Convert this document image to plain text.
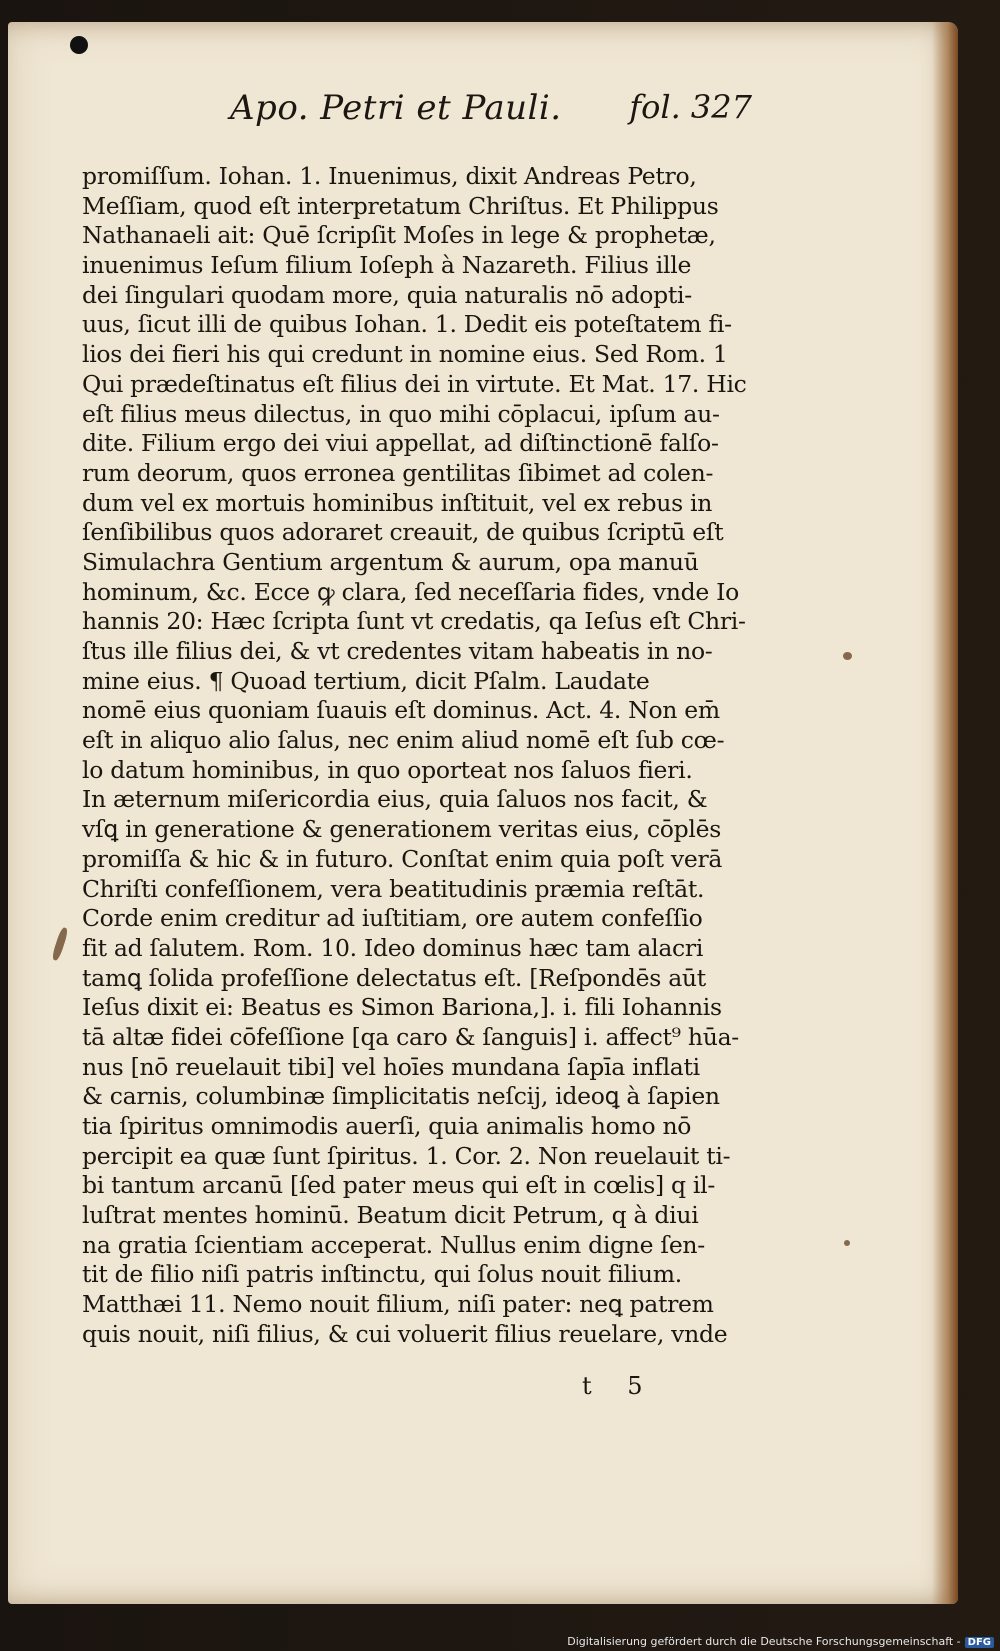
Apo. Petri et Pauli. fol. 327
promiſſum. Iohan. 1. Inuenimus, dixit Andreas Petro,
Meſſiam, quod eſt interpretatum Chriſtus. Et Philippus
Nathanaeli ait: Quē ſcripſit Moſes in lege & prophetæ,
inuenimus Ieſum filium Ioſeph à Nazareth. Filius ille
dei ſingulari quodam more, quia naturalis nō adopti-
uus, ſicut illi de quibus Iohan. 1. Dedit eis poteſtatem fi-
lios dei fieri his qui credunt in nomine eius. Sed Rom. 1
Qui prædeſtinatus eſt filius dei in virtute. Et Mat. 17. Hic
eſt filius meus dilectus, in quo mihi cōplacui, ipſum au-
dite. Filium ergo dei viui appellat, ad diſtinctionē falſo-
rum deorum, quos erronea gentilitas ſibimet ad colen-
dum vel ex mortuis hominibus inſtituit, vel ex rebus in
ſenſibilibus quos adoraret creauit, de quibus ſcriptū eſt
Simulachra Gentium argentum & aurum, opa manuū
hominum, &c. Ecce ꝙ clara, ſed neceſſaria fides, vnde Io
hannis 20: Hæc ſcripta ſunt vt credatis, qa Ieſus eſt Chri-
ſtus ille filius dei, & vt credentes vitam habeatis in no-
mine eius. ¶ Quoad tertium, dicit Pſalm. Laudate
nomē eius quoniam ſuauis eſt dominus. Act. 4. Non em̄
eſt in aliquo alio ſalus, nec enim aliud nomē eſt ſub cœ-
lo datum hominibus, in quo oporteat nos ſaluos fieri.
In æternum miſericordia eius, quia ſaluos nos facit, &
vſꝗ in generatione & generationem veritas eius, cōplēs
promiſſa & hic & in futuro. Conſtat enim quia poſt verā
Chriſti confeſſionem, vera beatitudinis præmia reſtāt.
Corde enim creditur ad iuſtitiam, ore autem confeſſio
fit ad ſalutem. Rom. 10. Ideo dominus hæc tam alacri
tamꝗ ſolida profeſſione delectatus eſt. [Reſpondēs aūt
Ieſus dixit ei: Beatus es Simon Bariona,]. i. fili Iohannis
tā altæ fidei cōfeſſione [qa caro & ſanguis] i. affect⁹ hūa-
nus [nō reuelauit tibi] vel hoīes mundana ſapīa inflati
& carnis, columbinæ ſimplicitatis neſcij, ideoꝗ à ſapien
tia ſpiritus omnimodis auerſi, quia animalis homo nō
percipit ea quæ ſunt ſpiritus. 1. Cor. 2. Non reuelauit ti-
bi tantum arcanū [ſed pater meus qui eſt in cœlis] q il-
luſtrat mentes hominū. Beatum dicit Petrum, q à diui
na gratia ſcientiam acceperat. Nullus enim digne ſen-
tit de filio niſi patris inſtinctu, qui ſolus nouit filium.
Matthæi 11. Nemo nouit filium, niſi pater: neꝗ patrem
quis nouit, niſi filius, & cui voluerit filius reuelare, vnde
t 5
Digitalisierung gefördert durch die Deutsche Forschungsgemeinschaft - DFG
